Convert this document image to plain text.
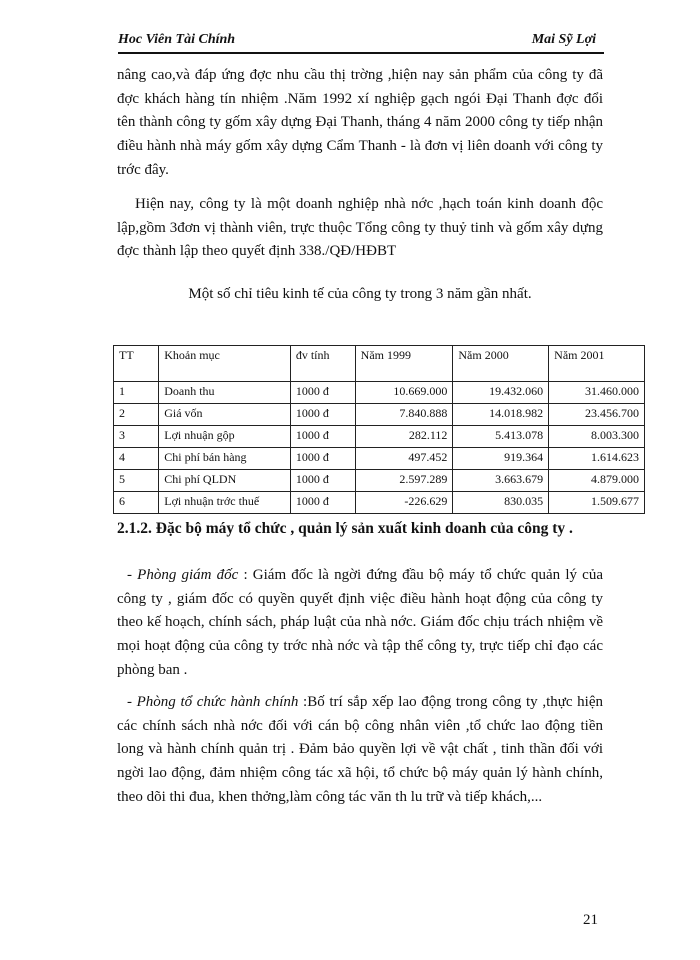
Hoc Viên Tài Chính	Mai Sỹ Lợi
nâng cao,và đáp ứng đợc nhu cầu thị trờng ,hiện nay sản phẩm của công ty đã đợc khách hàng tín nhiệm .Năm 1992 xí nghiệp gạch ngói Đại Thanh đợc đổi tên thành công ty gốm xây dựng Đại Thanh, tháng 4 năm 2000 công ty tiếp nhận điều hành nhà máy gốm xây dựng Cẩm Thanh - là đơn vị liên doanh với công ty trớc đây.
Hiện nay, công ty là một doanh nghiệp nhà nớc ,hạch toán kinh doanh độc lập,gồm 3đơn vị thành viên, trực thuộc Tổng công ty thuỷ tinh và gốm xây dựng đợc thành lập theo quyết định 338./QĐ/HĐBT
Một số chỉ tiêu kinh tế của công ty trong 3 năm gần nhất.
TT	Khoản mục	đv tính	Năm 1999	Năm 2000	Năm 2001
1	Doanh thu	1000 đ	10.669.000	19.432.060	31.460.000
2	Giá vốn	1000 đ	7.840.888	14.018.982	23.456.700
3	Lợi nhuận gộp	1000 đ	282.112	5.413.078	8.003.300
4	Chi phí bán hàng	1000 đ	497.452	919.364	1.614.623
5	Chi phí QLDN	1000 đ	2.597.289	3.663.679	4.879.000
6	Lợi nhuận trớc thuế	1000 đ	-226.629	830.035	1.509.677
2.1.2. Đặc bộ máy tổ chức , quản lý sản xuất kinh doanh của công ty .
- Phòng giám đốc : Giám đốc là ngời đứng đầu bộ máy tổ chức quản lý của công ty , giám đốc có quyền quyết định việc điều hành hoạt động của công ty theo kế hoạch, chính sách, pháp luật của nhà nớc. Giám đốc chịu trách nhiệm về mọi hoạt động của công ty trớc nhà nớc và tập thể công ty, trực tiếp chỉ đạo các phòng ban .
- Phòng tổ chức hành chính :Bố trí sắp xếp lao động trong công ty ,thực hiện các chính sách nhà nớc đối với cán bộ công nhân viên ,tổ chức lao động tiền long và hành chính quản trị . Đảm bảo quyền lợi về vật chất , tinh thần đối với ngời lao động, đảm nhiệm công tác xã hội, tổ chức bộ máy quản lý hành chính, theo dõi thi đua, khen thởng,làm công tác văn th lu trữ và tiếp khách,...
21
